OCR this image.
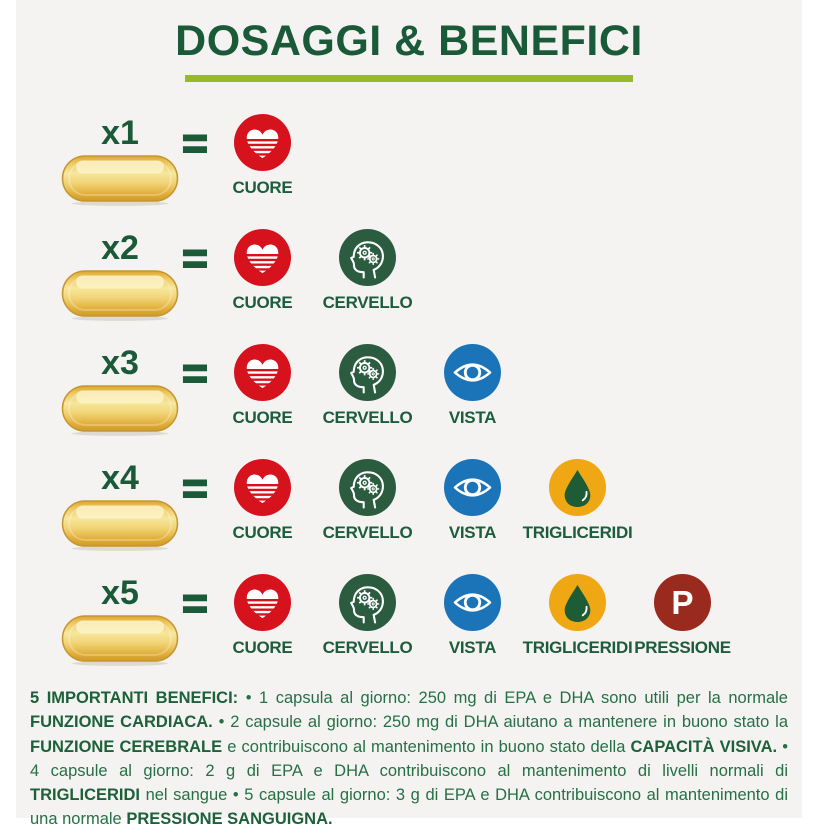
DOSAGGI & BENEFICI
x1 =
CUORE
x2 =
CUORE CERVELLO
x3 =
CUORE CERVELLO VISTA
x4 =
CUORE CERVELLO VISTA TRIGLICERIDI
x5 =
CUORE CERVELLO VISTA TRIGLICERIDI
P
PRESSIONE

5 IMPORTANTI BENEFICI: • 1 capsula al giorno: 250 mg di EPA e DHA sono utili per la normale FUNZIONE CARDIACA. • 2 capsule al giorno: 250 mg di DHA aiutano a mantenere in buono stato la FUNZIONE CEREBRALE e contribuiscono al mantenimento in buono stato della CAPACITÀ VISIVA. • 4 capsule al giorno: 2 g di EPA e DHA contribuiscono al mantenimento di livelli normali di TRIGLICERIDI nel sangue • 5 capsule al giorno: 3 g di EPA e DHA contribuiscono al mantenimento di una normale PRESSIONE SANGUIGNA.
